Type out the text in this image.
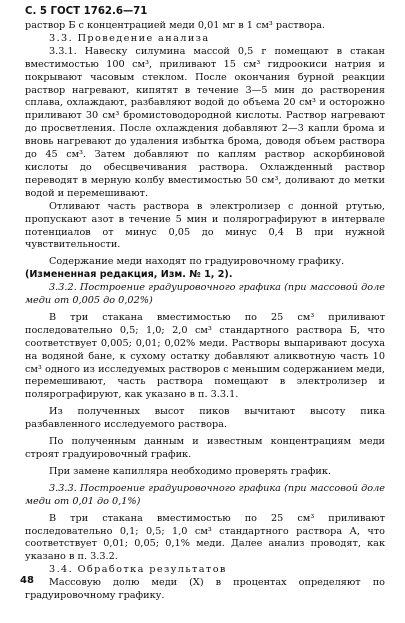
С. 5 ГОСТ 1762.6—71

раствор Б с концентрацией меди 0,01 мг в 1 см³ раствора.

3.3. Проведение анализа

3.3.1. Навеску силумина массой 0,5 г помещают в стакан вместимостью 100 см³, приливают 15 см³ гидроокиси натрия и покрывают часовым стеклом. После окончания бурной реакции раствор нагревают, кипятят в течение 3—5 мин до растворения сплава, охлаждают, разбавляют водой до объема 20 см³ и осторожно приливают 30 см³ бромистоводородной кислоты. Раствор нагревают до просветления. После охлаждения добавляют 2—3 капли брома и вновь нагревают до удаления избытка брома, доводя объем раствора до 45 см³. Затем добавляют по каплям раствор аскорбиновой кислоты до обесцвечивания раствора. Охлажденный раствор переводят в мерную колбу вместимостью 50 см³, доливают до метки водой и перемешивают.

Отливают часть раствора в электролизер с донной ртутью, пропускают азот в течение 5 мин и полярографируют в интервале потенциалов от минус 0,05 до минус 0,4 В при нужной чувствительности.

Содержание меди находят по градуировочному графику.

(Измененная редакция, Изм. № 1, 2).

3.3.2. Построение градуировочного графика (при массовой доле меди от 0,005 до 0,02%)

В три стакана вместимостью по 25 см³ приливают последовательно 0,5; 1,0; 2,0 см³ стандартного раствора Б, что соответствует 0,005; 0,01; 0,02% меди. Растворы выпаривают досуха на водяной бане, к сухому остатку добавляют аликвотную часть 10 см³ одного из исследуемых растворов с меньшим содержанием меди, перемешивают, часть раствора помещают в электролизер и полярографируют, как указано в п. 3.3.1.

Из полученных высот пиков вычитают высоту пика разбавленного исследуемого раствора.

По полученным данным и известным концентрациям меди строят градуировочный график.

При замене капилляра необходимо проверять график.

3.3.3. Построение градуировочного графика (при массовой доле меди от 0,01 до 0,1%)

В три стакана вместимостью по 25 см³ приливают последовательно 0,1; 0,5; 1,0 см³ стандартного раствора А, что соответствует 0,01; 0,05; 0,1% меди. Далее анализ проводят, как указано в п. 3.3.2.

3.4. Обработка результатов

Массовую долю меди (X) в процентах определяют по градуировочному графику.

48
